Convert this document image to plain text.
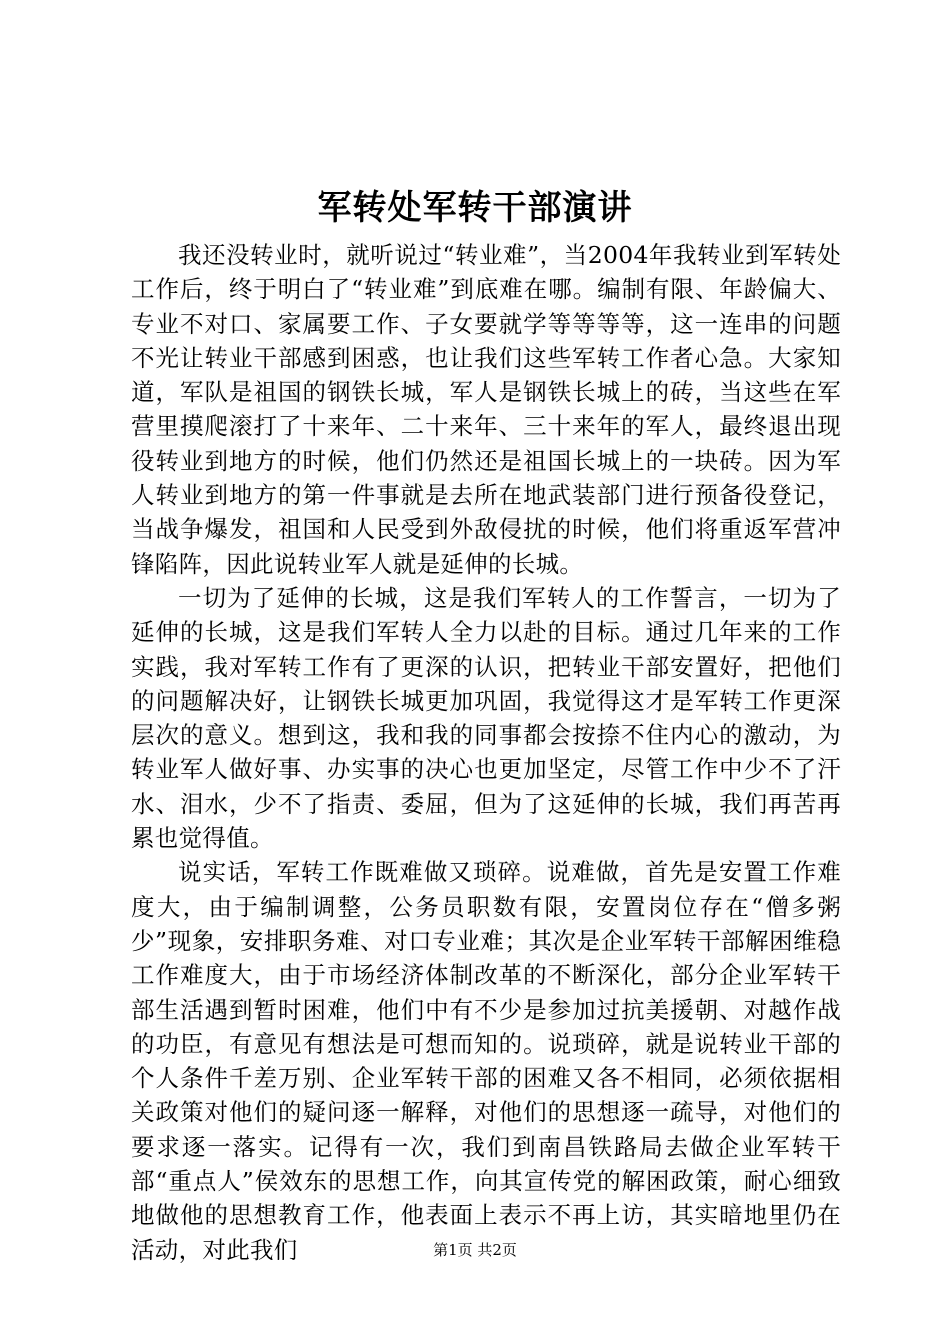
军转处军转干部演讲

我还没转业时，就听说过“转业难”，当2004年我转业到军转处工作后，终于明白了“转业难”到底难在哪。编制有限、年龄偏大、专业不对口、家属要工作、子女要就学等等等等，这一连串的问题不光让转业干部感到困惑，也让我们这些军转工作者心急。大家知道，军队是祖国的钢铁长城，军人是钢铁长城上的砖，当这些在军营里摸爬滚打了十来年、二十来年、三十来年的军人，最终退出现役转业到地方的时候，他们仍然还是祖国长城上的一块砖。因为军人转业到地方的第一件事就是去所在地武装部门进行预备役登记，当战争爆发，祖国和人民受到外敌侵扰的时候，他们将重返军营冲锋陷阵，因此说转业军人就是延伸的长城。

一切为了延伸的长城，这是我们军转人的工作誓言，一切为了延伸的长城，这是我们军转人全力以赴的目标。通过几年来的工作实践，我对军转工作有了更深的认识，把转业干部安置好，把他们的问题解决好，让钢铁长城更加巩固，我觉得这才是军转工作更深层次的意义。想到这，我和我的同事都会按捺不住内心的激动，为转业军人做好事、办实事的决心也更加坚定，尽管工作中少不了汗水、泪水，少不了指责、委屈，但为了这延伸的长城，我们再苦再累也觉得值。

说实话，军转工作既难做又琐碎。说难做，首先是安置工作难度大，由于编制调整，公务员职数有限，安置岗位存在“僧多粥少”现象，安排职务难、对口专业难；其次是企业军转干部解困维稳工作难度大，由于市场经济体制改革的不断深化，部分企业军转干部生活遇到暂时困难，他们中有不少是参加过抗美援朝、对越作战的功臣，有意见有想法是可想而知的。说琐碎，就是说转业干部的个人条件千差万别、企业军转干部的困难又各不相同，必须依据相关政策对他们的疑问逐一解释，对他们的思想逐一疏导，对他们的要求逐一落实。记得有一次，我们到南昌铁路局去做企业军转干部“重点人”侯效东的思想工作，向其宣传党的解困政策，耐心细致地做他的思想教育工作，他表面上表示不再上访，其实暗地里仍在活动，对此我们	第1页 共2页
